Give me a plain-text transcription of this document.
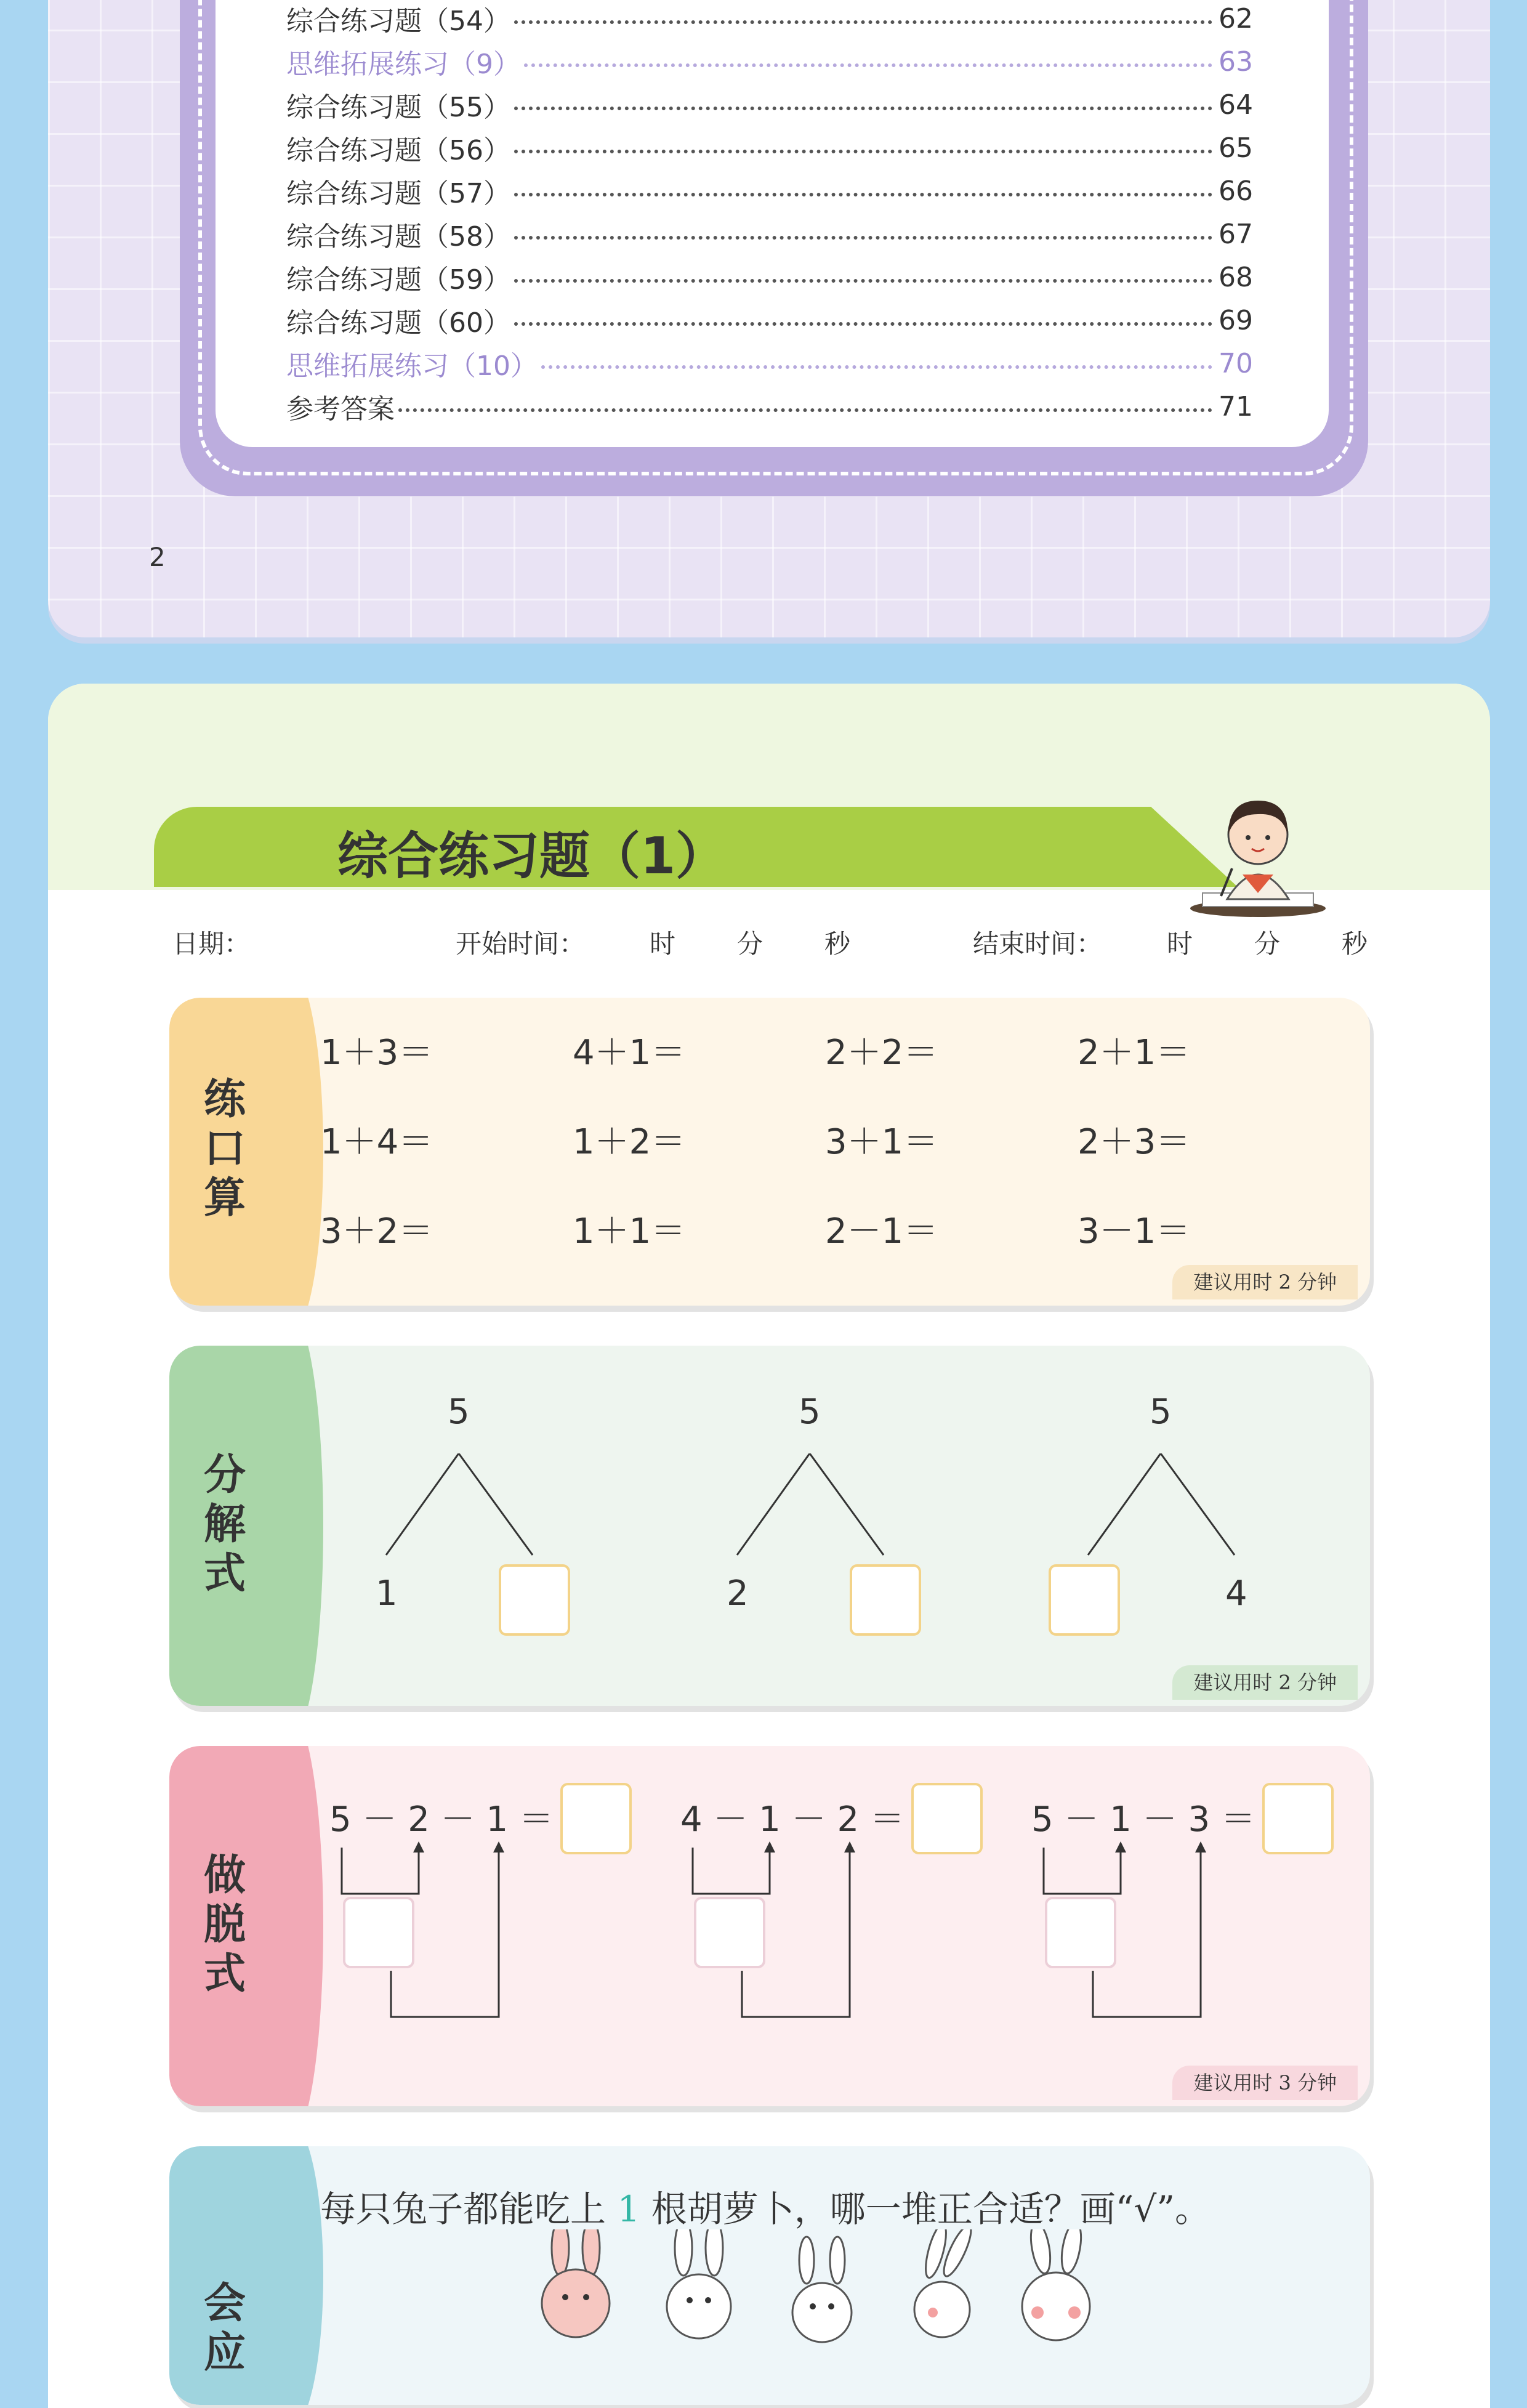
综合练习题（54）	62
思维拓展练习（9）	63
综合练习题（55）	64
综合练习题（56）	65
综合练习题（57）	66
综合练习题（58）	67
综合练习题（59）	68
综合练习题（60）	69
思维拓展练习（10）	70
参考答案	71
2
综合练习题（1）
日期：	开始时间： 时 分 秒	结束时间： 时 分 秒
练
口
算
1＋3＝	4＋1＝	2＋2＝	2＋1＝
1＋4＝	1＋2＝	3＋1＝	2＋3＝
3＋2＝	1＋1＝	2－1＝	3－1＝
建议用时 2 分钟
分
解
式
5
1
5
2
5
4
建议用时 2 分钟
做
脱
式
5 － 2 － 1 ＝	4 － 1 － 2 ＝	5 － 1 － 3 ＝
建议用时 3 分钟
会
应
每只兔子都能吃上 1 根胡萝卜，哪一堆正合适？画“√”。
